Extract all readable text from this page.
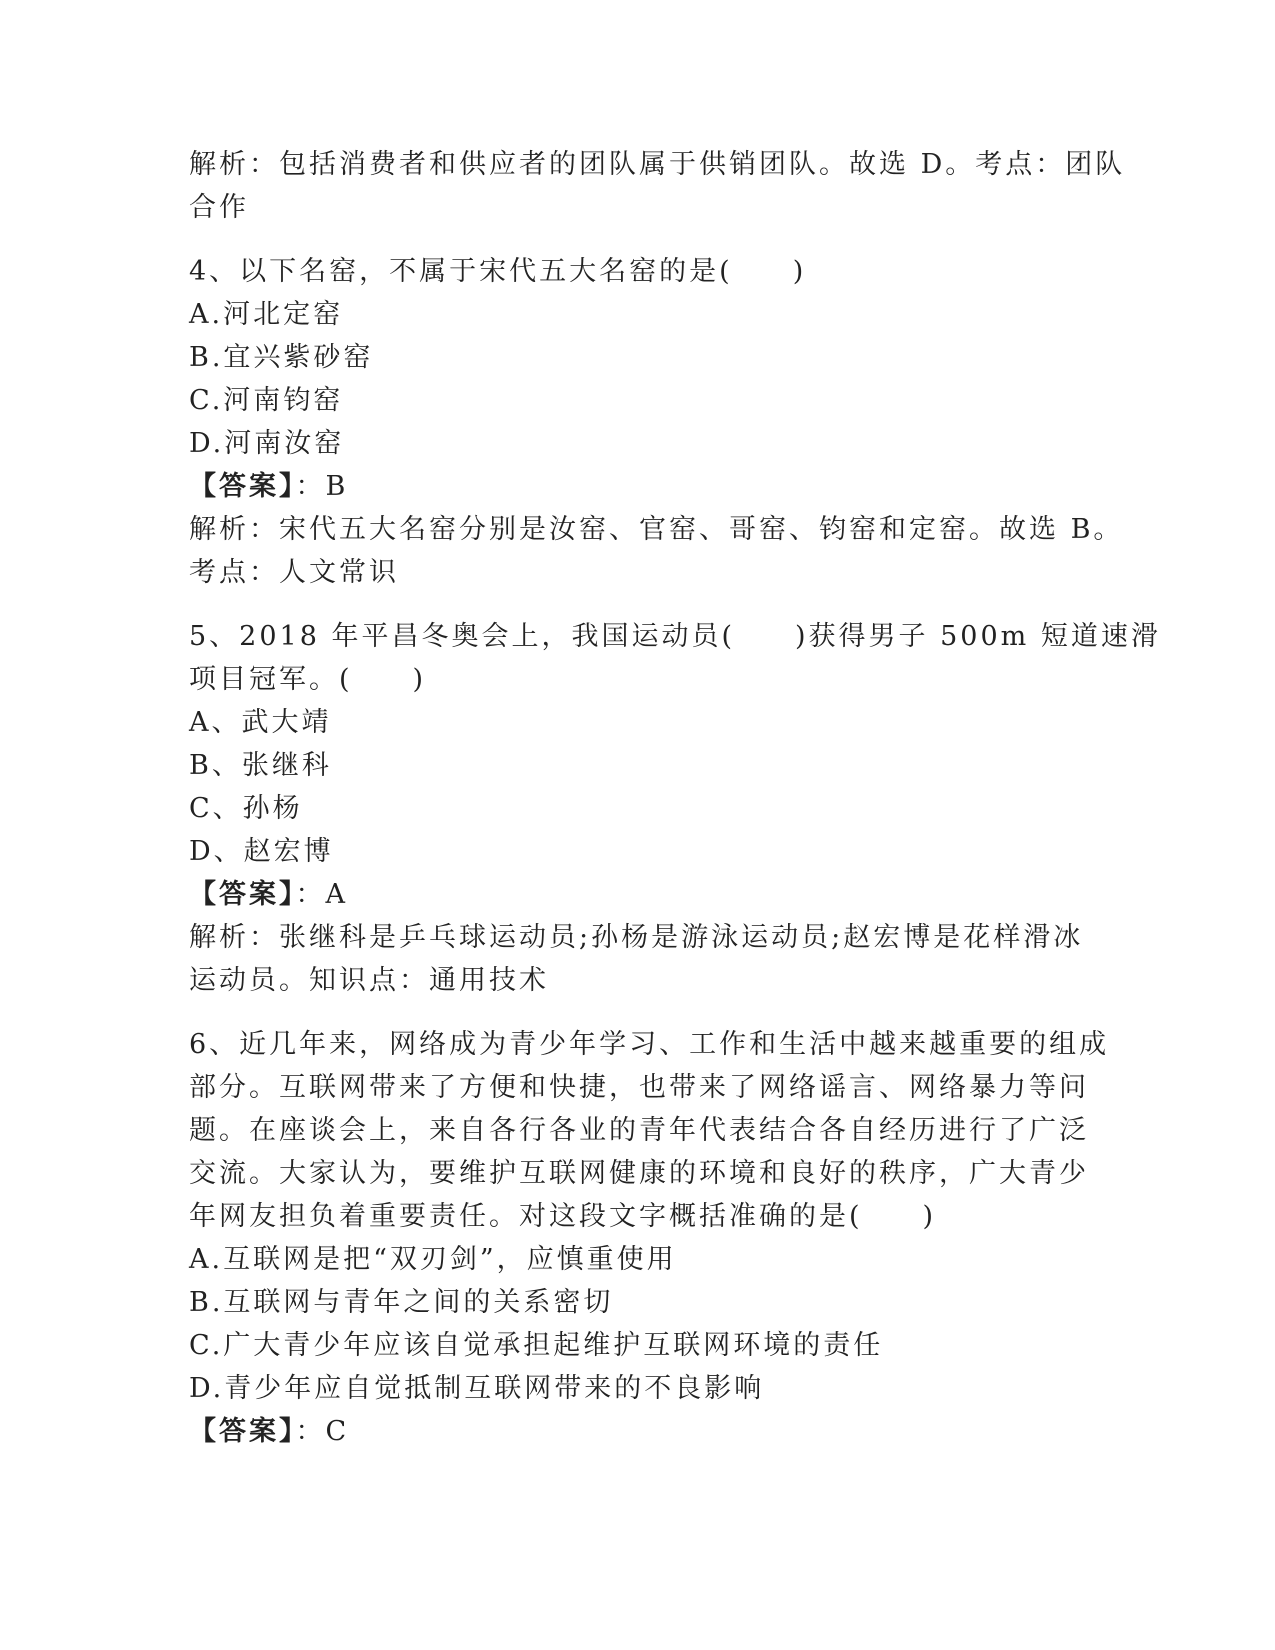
解析：包括消费者和供应者的团队属于供销团队。故选 D。考点：团队
合作
4、以下名窑，不属于宋代五大名窑的是(　　)
A.河北定窑
B.宜兴紫砂窑
C.河南钧窑
D.河南汝窑
【答案】：B
解析：宋代五大名窑分别是汝窑、官窑、哥窑、钧窑和定窑。故选 B。
考点：人文常识
5、2018 年平昌冬奥会上，我国运动员(　　)获得男子 500m 短道速滑
项目冠军。(　　)
A、武大靖
B、张继科
C、孙杨
D、赵宏博
【答案】：A
解析：张继科是乒乓球运动员;孙杨是游泳运动员;赵宏博是花样滑冰
运动员。知识点：通用技术
6、近几年来，网络成为青少年学习、工作和生活中越来越重要的组成
部分。互联网带来了方便和快捷，也带来了网络谣言、网络暴力等问
题。在座谈会上，来自各行各业的青年代表结合各自经历进行了广泛
交流。大家认为，要维护互联网健康的环境和良好的秩序，广大青少
年网友担负着重要责任。对这段文字概括准确的是(　　)
A.互联网是把“双刃剑”，应慎重使用
B.互联网与青年之间的关系密切
C.广大青少年应该自觉承担起维护互联网环境的责任
D.青少年应自觉抵制互联网带来的不良影响
【答案】：C
